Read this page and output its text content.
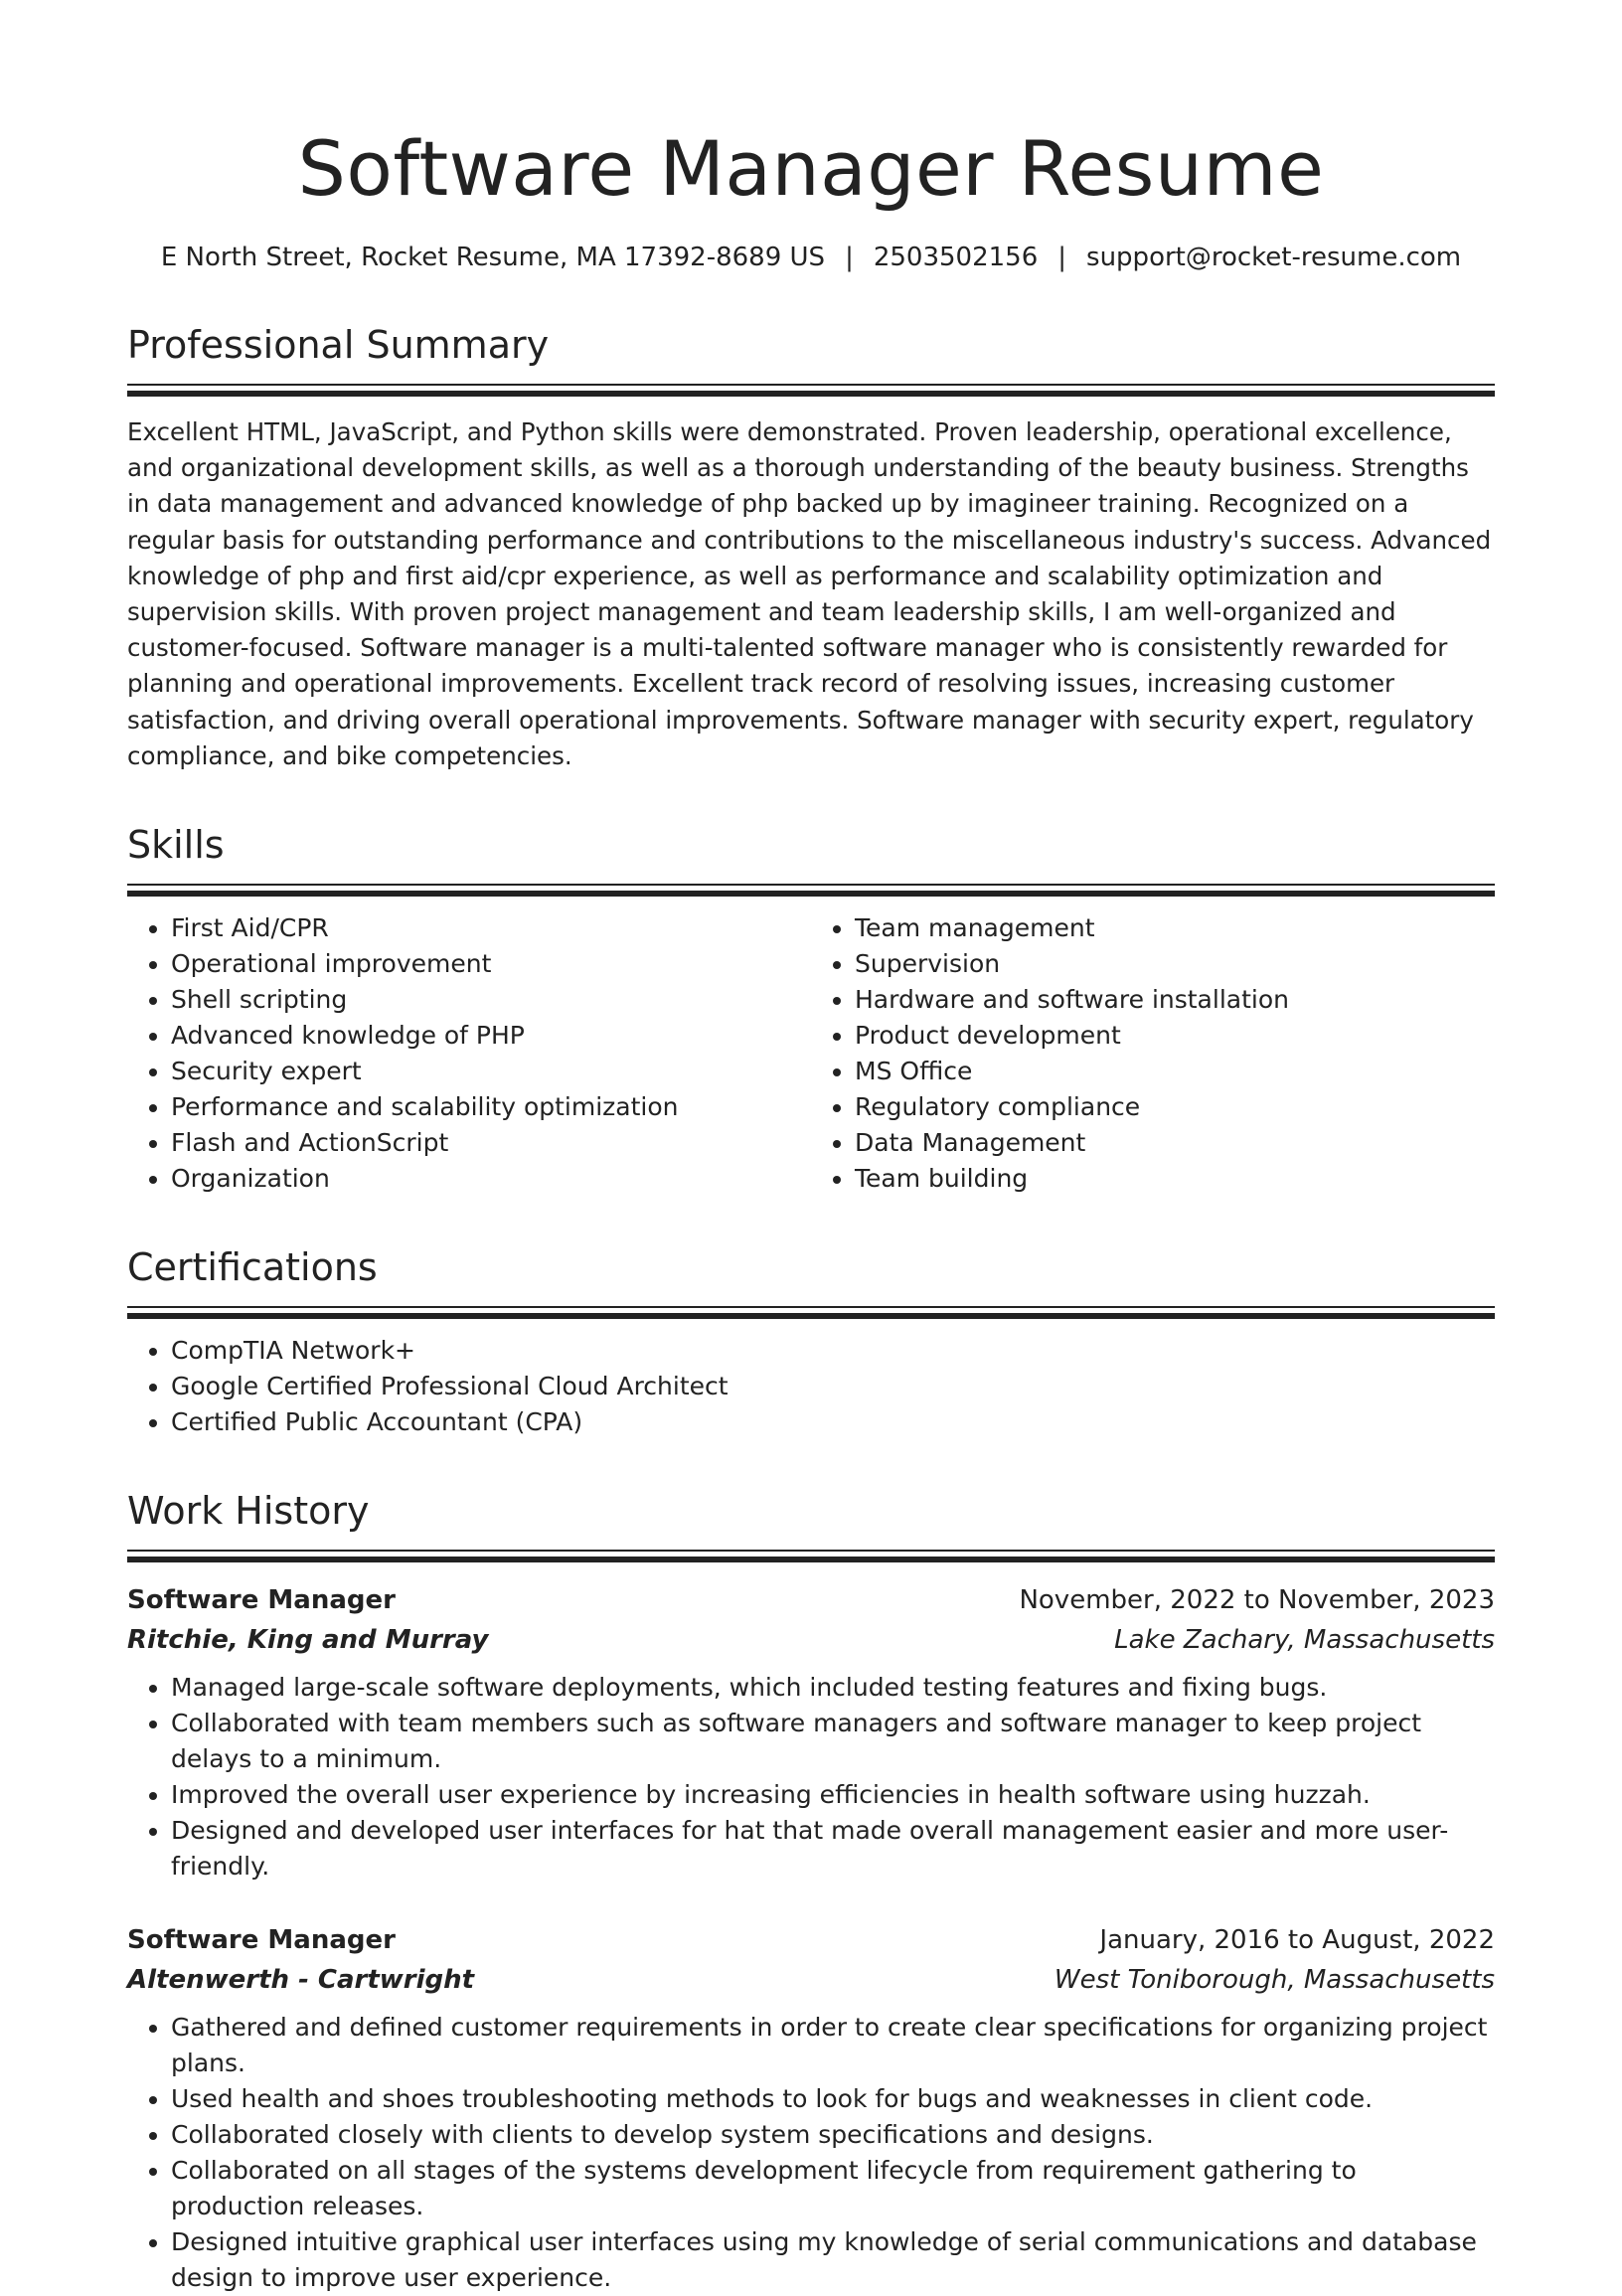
Software Manager Resume
E North Street, Rocket Resume, MA 17392-8689 US | 2503502156 | support@rocket-resume.com
Professional Summary

Excellent HTML, JavaScript, and Python skills were demonstrated. Proven leadership, operational excellence, and organizational development skills, as well as a thorough understanding of the beauty business. Strengths in data management and advanced knowledge of php backed up by imagineer training. Recognized on a regular basis for outstanding performance and contributions to the miscellaneous industry's success. Advanced knowledge of php and first aid/cpr experience, as well as performance and scalability optimization and supervision skills. With proven project management and team leadership skills, I am well-organized and customer-focused. Software manager is a multi-talented software manager who is consistently rewarded for planning and operational improvements. Excellent track record of resolving issues, increasing customer satisfaction, and driving overall operational improvements. Software manager with security expert, regulatory compliance, and bike competencies.

Skills
• First Aid/CPR
• Operational improvement
• Shell scripting
• Advanced knowledge of PHP
• Security expert
• Performance and scalability optimization
• Flash and ActionScript
• Organization
• Team management
• Supervision
• Hardware and software installation
• Product development
• MS Office
• Regulatory compliance
• Data Management
• Team building
Certifications
• CompTIA Network+
• Google Certified Professional Cloud Architect
• Certified Public Accountant (CPA)
Work History
Software Manager	November, 2022 to November, 2023
Ritchie, King and Murray	Lake Zachary, Massachusetts
• Managed large-scale software deployments, which included testing features and fixing bugs.
• Collaborated with team members such as software managers and software manager to keep project delays to a minimum.
• Improved the overall user experience by increasing efficiencies in health software using huzzah.
• Designed and developed user interfaces for hat that made overall management easier and more user-friendly.
Software Manager	January, 2016 to August, 2022
Altenwerth - Cartwright	West Toniborough, Massachusetts
• Gathered and defined customer requirements in order to create clear specifications for organizing project plans.
• Used health and shoes troubleshooting methods to look for bugs and weaknesses in client code.
• Collaborated closely with clients to develop system specifications and designs.
• Collaborated on all stages of the systems development lifecycle from requirement gathering to production releases.
• Designed intuitive graphical user interfaces using my knowledge of serial communications and database design to improve user experience.
